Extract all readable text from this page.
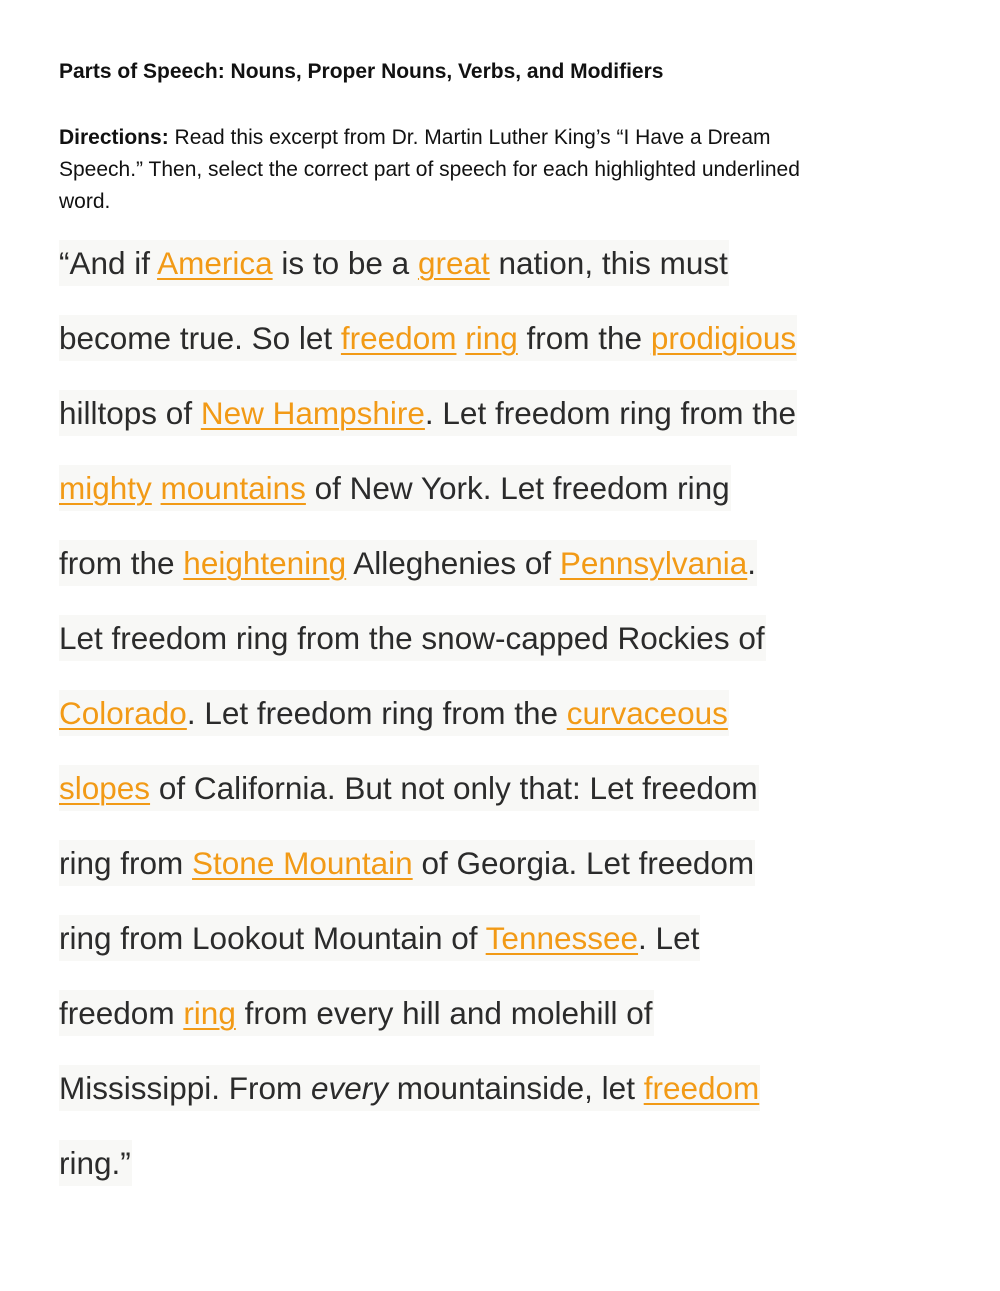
Parts of Speech: Nouns, Proper Nouns, Verbs, and Modifiers

Directions: Read this excerpt from Dr. Martin Luther King’s “I Have a Dream Speech.” Then, select the correct part of speech for each highlighted underlined word.

“And if America is to be a great nation, this must
become true. So let freedom ring from the prodigious
hilltops of New Hampshire. Let freedom ring from the
mighty mountains of New York. Let freedom ring
from the heightening Alleghenies of Pennsylvania.
Let freedom ring from the snow-capped Rockies of
Colorado. Let freedom ring from the curvaceous
slopes of California. But not only that: Let freedom
ring from Stone Mountain of Georgia. Let freedom
ring from Lookout Mountain of Tennessee. Let
freedom ring from every hill and molehill of
Mississippi. From every mountainside, let freedom
ring.”
